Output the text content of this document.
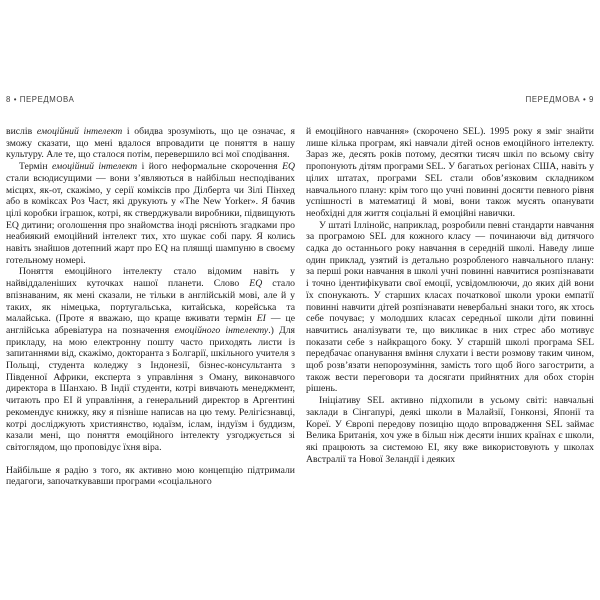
8 • ПЕРЕДМОВА

вислів емоційний інтелект і обидва зрозуміють, що це означає, я зможу сказати, що мені вдалося впровадити це поняття в нашу культуру. Але те, що сталося потім, перевершило всі мої сподівання.

Термін емоційний інтелект і його неформальне скорочення EQ стали всюдисущими — вони з’являються в найбільш несподіваних місцях, як-от, скажімо, у серії коміксів про Ділберта чи Зілі Пінхед або в коміксах Роз Част, які друкують у «The New Yorker». Я бачив цілі коробки іграшок, котрі, як стверджували виробники, підвищують EQ дитини; оголошення про знайомства іноді рясніють згадками про неабиякий емоційний інтелект тих, хто шукає собі пару. Я колись навіть знайшов дотепний жарт про EQ на пляшці шампуню в своєму готельному номері.

Поняття емоційного інтелекту стало відомим навіть у найвіддаленіших куточках нашої планети. Слово EQ стало впізнаваним, як мені сказали, не тільки в англійській мові, але й у таких, як німецька, португальська, китайська, корейська та малайська. (Проте я вважаю, що краще вживати термін EI — це англійська абревіатура на позначення емоційного інтелекту.) Для прикладу, на мою електронну пошту часто приходять листи із запитаннями від, скажімо, докторанта з Болгарії, шкільного учителя з Польщі, студента коледжу з Індонезії, бізнес-консультанта з Південної Африки, експерта з управління з Оману, виконавчого директора в Шанхаю. В Індії студенти, котрі вивчають менеджмент, читають про EI й управління, а генеральний директор в Аргентині рекомендує книжку, яку я пізніше написав на цю тему. Релігієзнавці, котрі досліджують християнство, юдаїзм, іслам, індуїзм і буддизм, казали мені, що поняття емоційного інтелекту узгоджується зі світоглядом, що проповідує їхня віра.

Найбільше я радію з того, як активно мою концепцію підтримали педагоги, започаткувавши програми «соціального

ПЕРЕДМОВА • 9

й емоційного навчання» (скорочено SEL). 1995 року я зміг знайти лише кілька програм, які навчали дітей основ емоційного інтелекту. Зараз же, десять років потому, десятки тисяч шкіл по всьому світу пропонують дітям програми SEL. У багатьох регіонах США, навіть у цілих штатах, програми SEL стали обов’язковим складником навчального плану: крім того що учні повинні досягти певного рівня успішності в математиці й мові, вони також мусять опанувати необхідні для життя соціальні й емоційні навички.

У штаті Іллінойс, наприклад, розробили певні стандарти навчання за програмою SEL для кожного класу — починаючи від дитячого садка до останнього року навчання в середній школі. Наведу лише один приклад, узятий із детально розробленого навчального плану: за перші роки навчання в школі учні повинні навчитися розпізнавати і точно ідентифікувати свої емоції, усвідомлюючи, до яких дій вони їх спонукають. У старших класах початкової школи уроки емпатії повинні навчити дітей розпізнавати невербальні знаки того, як хтось себе почуває; у молодших класах середньої школи діти повинні навчитись аналізувати те, що викликає в них стрес або мотивує показати себе з найкращого боку. У старшій школі програма SEL передбачає опанування вміння слухати і вести розмову таким чином, щоб розв’язати непорозуміння, замість того щоб його загострити, а також вести переговори та досягати прийнятних для обох сторін рішень.

Ініціативу SEL активно підхопили в усьому світі: навчальні заклади в Сінгапурі, деякі школи в Малайзії, Гонконзі, Японії та Кореї. У Європі передову позицію щодо впровадження SEL займає Велика Британія, хоч уже в більш ніж десяти інших країнах є школи, які працюють за системою EI, яку вже використовують у школах Австралії та Нової Зеландії і деяких
